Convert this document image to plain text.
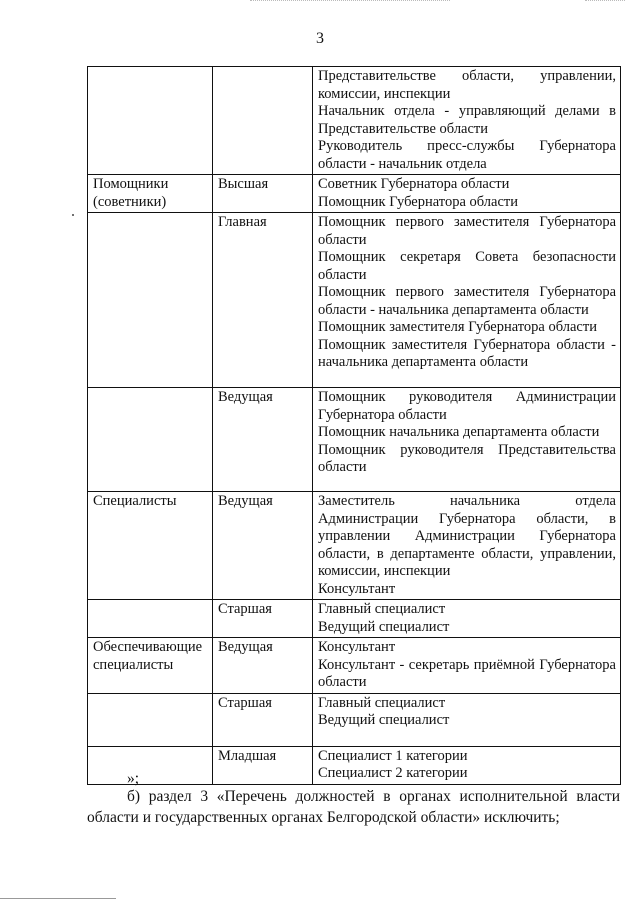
3

		Представительстве области, управлении, комиссии, инспекции
Начальник отдела - управляющий делами в Представительстве области
Руководитель пресс-службы Губернатора области - начальник отдела

Помощники (советники)	Высшая	Советник Губернатора области
Помощник Губернатора области

	Главная	Помощник первого заместителя Губернатора области
Помощник секретаря Совета безопасности области
Помощник первого заместителя Губернатора области - начальника департамента области
Помощник заместителя Губернатора области
Помощник заместителя Губернатора области - начальника департамента области

	Ведущая	Помощник руководителя Администрации Губернатора области
Помощник начальника департамента области
Помощник руководителя Представительства области

Специалисты	Ведущая	Заместитель начальника отдела Администрации Губернатора области, в управлении Администрации Губернатора области, в департаменте области, управлении, комиссии, инспекции
Консультант

	Старшая	Главный специалист
Ведущий специалист

Обеспечивающие специалисты	Ведущая	Консультант
Консультант - секретарь приёмной Губернатора области

	Старшая	Главный специалист
Ведущий специалист

	Младшая	Специалист 1 категории
Специалист 2 категории
»;
б) раздел 3 «Перечень должностей в органах исполнительной власти области и государственных органах Белгородской области» исключить;
